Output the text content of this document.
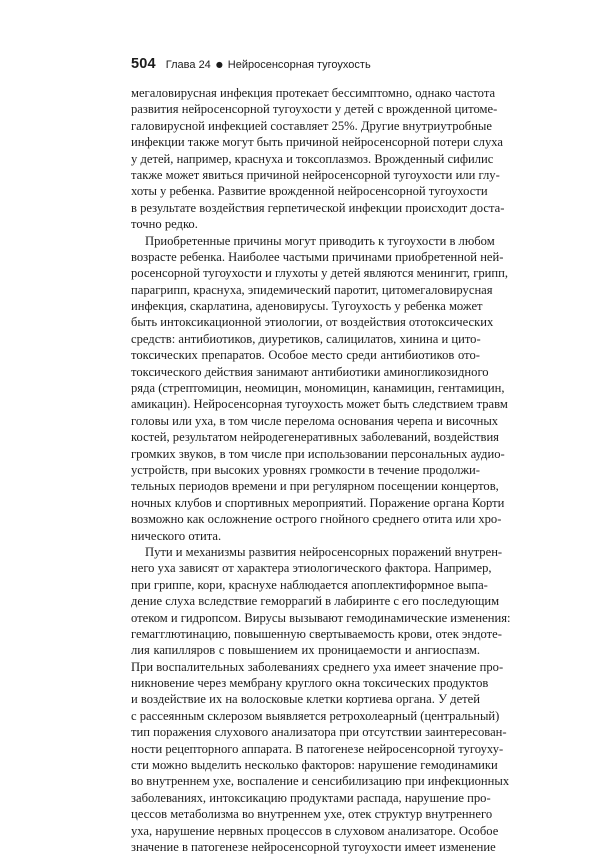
504 Глава 24 ● Нейросенсорная тугоухость
мегаловирусная инфекция протекает бессимптомно, однако частота
развития нейросенсорной тугоухости у детей с врожденной цитоме-
галовирусной инфекцией составляет 25%. Другие внутриутробные
инфекции также могут быть причиной нейросенсорной потери слуха
у детей, например, краснуха и токсоплазмоз. Врожденный сифилис
также может явиться причиной нейросенсорной тугоухости или глу-
хоты у ребенка. Развитие врожденной нейросенсорной тугоухости
в результате воздействия герпетической инфекции происходит доста-
точно редко.
Приобретенные причины могут приводить к тугоухости в любом
возрасте ребенка. Наиболее частыми причинами приобретенной ней-
росенсорной тугоухости и глухоты у детей являются менингит, грипп,
парагрипп, краснуха, эпидемический паротит, цитомегаловирусная
инфекция, скарлатина, аденовирусы. Тугоухость у ребенка может
быть интоксикационной этиологии, от воздействия ототоксических
средств: антибиотиков, диуретиков, салицилатов, хинина и цито-
токсических препаратов. Особое место среди антибиотиков ото-
токсического действия занимают антибиотики аминогликозидного
ряда (стрептомицин, неомицин, мономицин, канамицин, гентамицин,
амикацин). Нейросенсорная тугоухость может быть следствием травм
головы или уха, в том числе перелома основания черепа и височных
костей, результатом нейродегенеративных заболеваний, воздействия
громких звуков, в том числе при использовании персональных аудио-
устройств, при высоких уровнях громкости в течение продолжи-
тельных периодов времени и при регулярном посещении концертов,
ночных клубов и спортивных мероприятий. Поражение органа Корти
возможно как осложнение острого гнойного среднего отита или хро-
нического отита.
Пути и механизмы развития нейросенсорных поражений внутрен-
него уха зависят от характера этиологического фактора. Например,
при гриппе, кори, краснухе наблюдается апоплектиформное выпа-
дение слуха вследствие геморрагий в лабиринте с его последующим
отеком и гидропсом. Вирусы вызывают гемодинамические изменения:
гемагглютинацию, повышенную свертываемость крови, отек эндоте-
лия капилляров с повышением их проницаемости и ангиоспазм.
При воспалительных заболеваниях среднего уха имеет значение про-
никновение через мембрану круглого окна токсических продуктов
и воздействие их на волосковые клетки кортиева органа. У детей
с рассеянным склерозом выявляется ретрохолеарный (центральный)
тип поражения слухового анализатора при отсутствии заинтересован-
ности рецепторного аппарата. В патогенезе нейросенсорной тугоуху-
сти можно выделить несколько факторов: нарушение гемодинамики
во внутреннем ухе, воспаление и сенсибилизацию при инфекционных
заболеваниях, интоксикацию продуктами распада, нарушение про-
цессов метаболизма во внутреннем ухе, отек структур внутреннего
уха, нарушение нервных процессов в слуховом анализаторе. Особое
значение в патогенезе нейросенсорной тугоухости имеет изменение
